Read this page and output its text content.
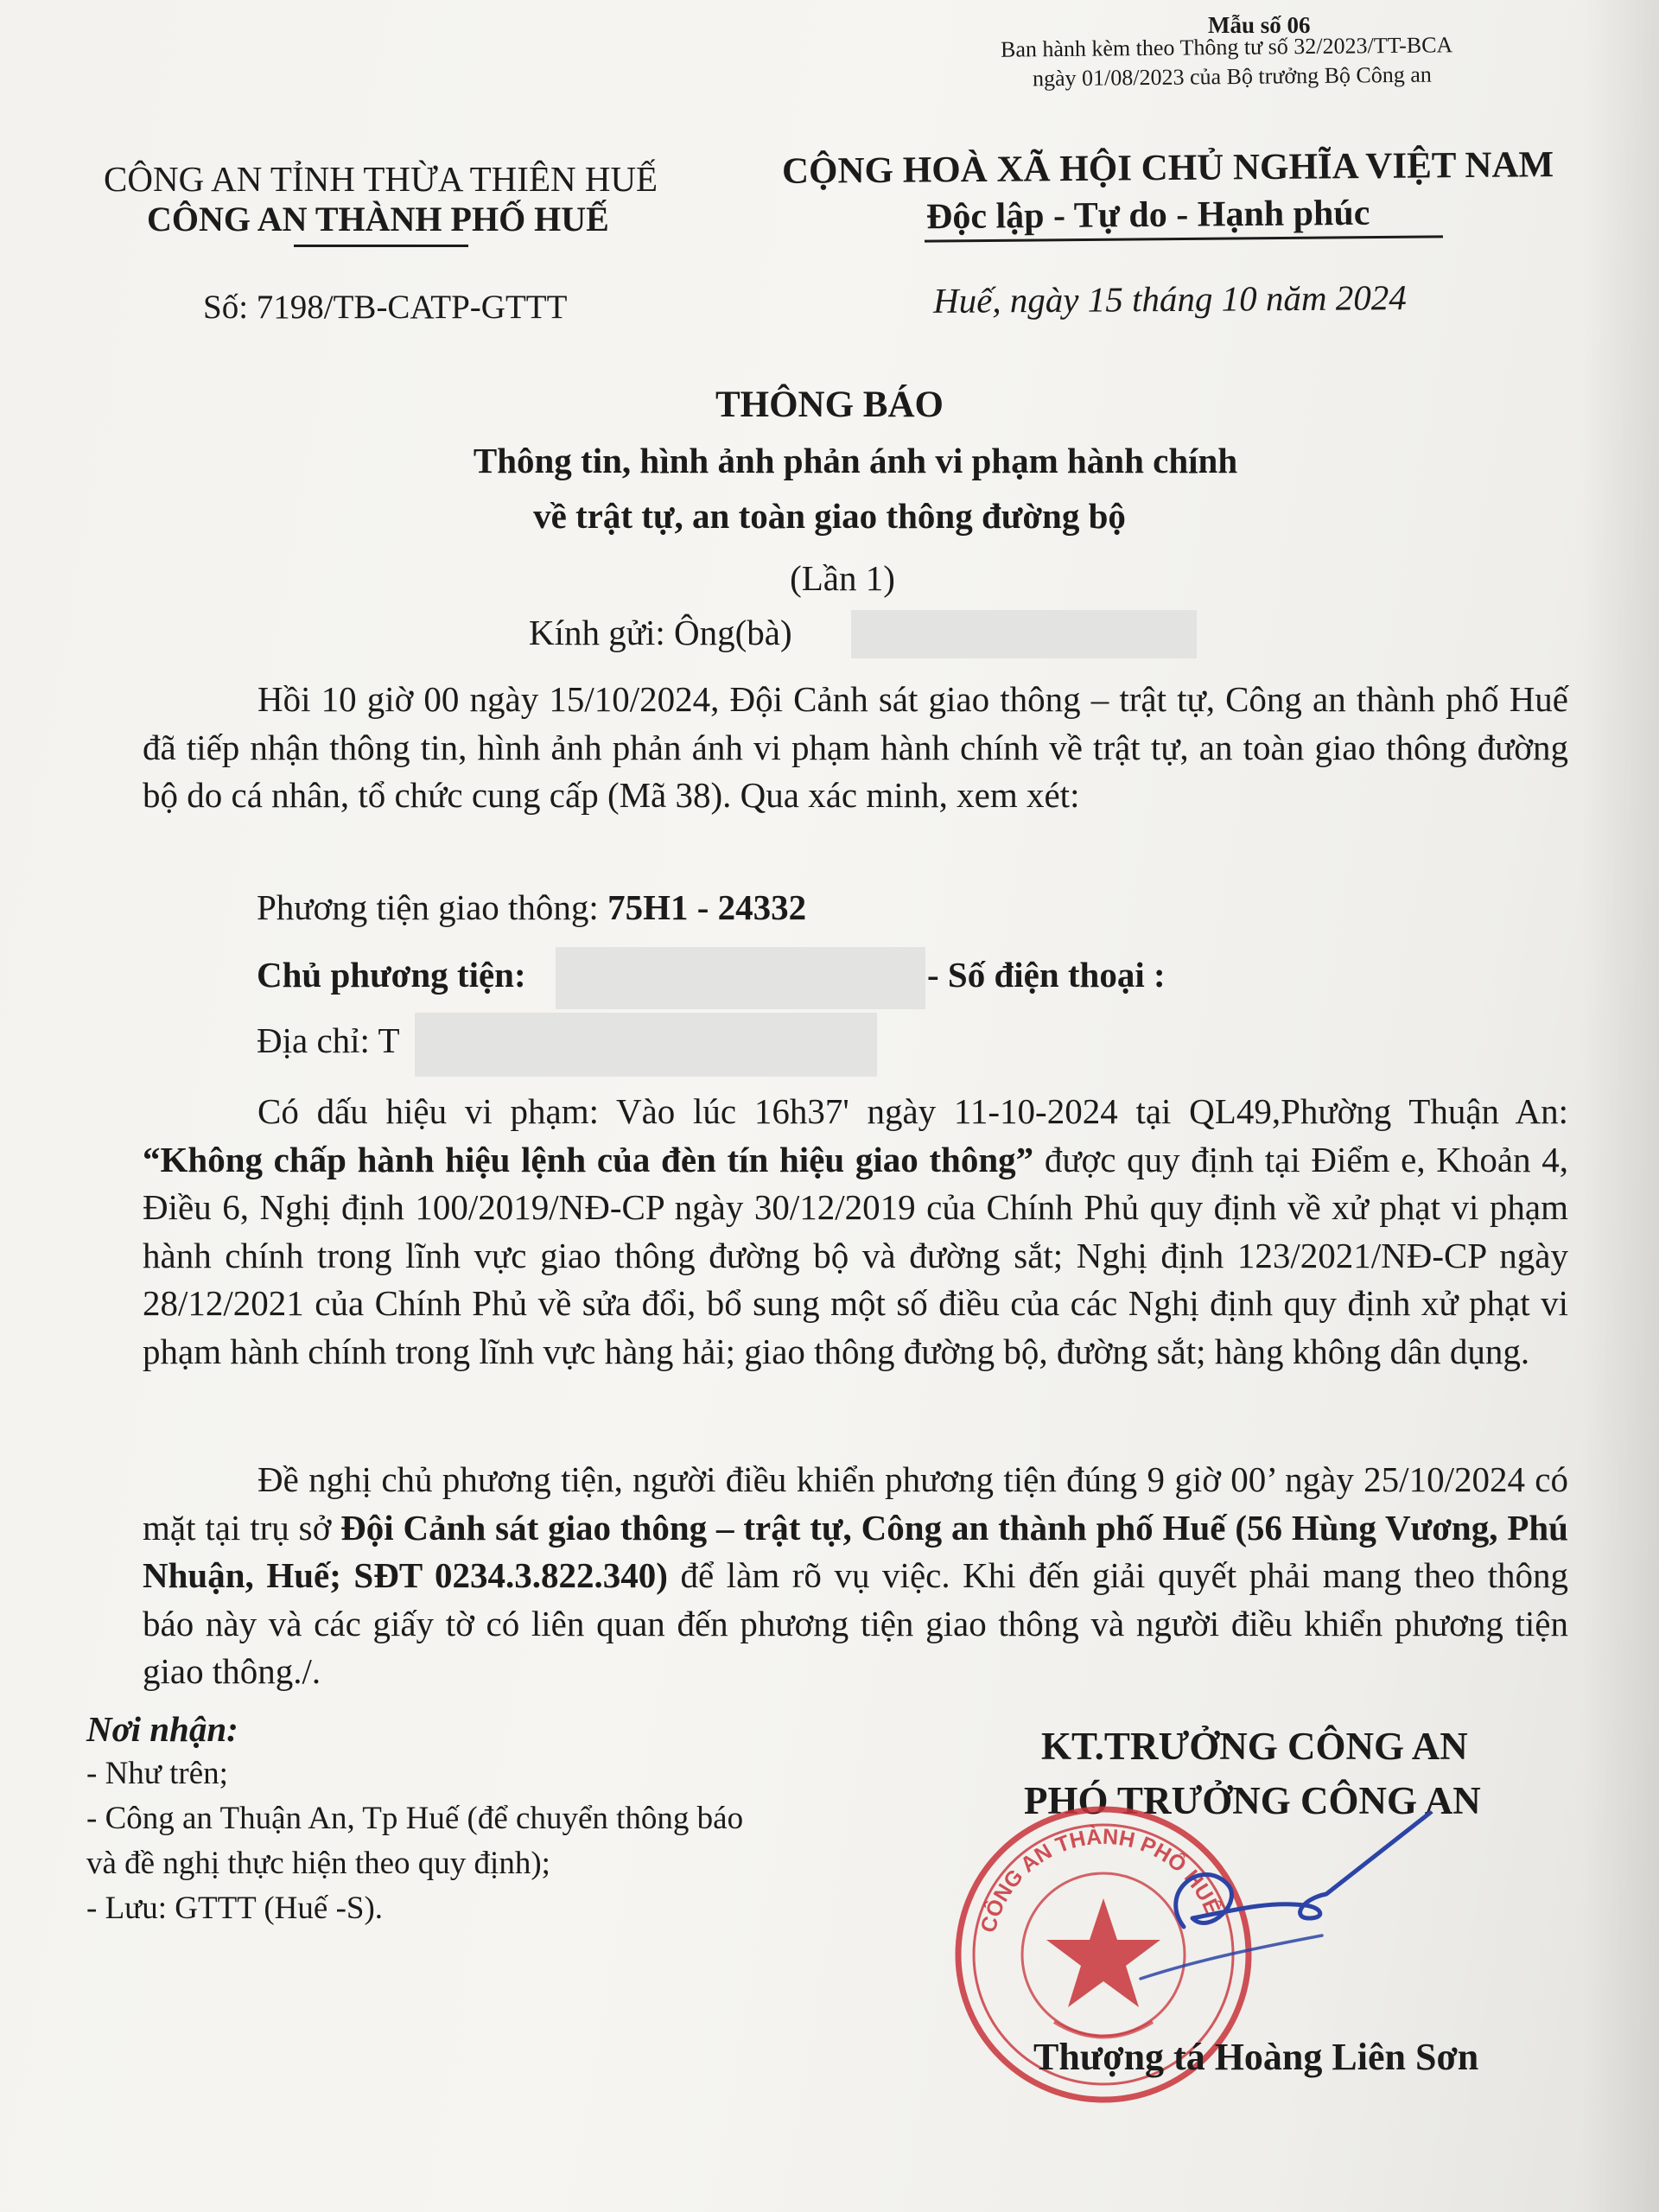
Mẫu số 06
Ban hành kèm theo Thông tư số 32/2023/TT-BCA
ngày 01/08/2023 của Bộ trưởng Bộ Công an
CÔNG AN TỈNH THỪA THIÊN HUẾ
CÔNG AN THÀNH PHỐ HUẾ
Số: 7198/TB-CATP-GTTT
CỘNG HOÀ XÃ HỘI CHỦ NGHĨA VIỆT NAM
Độc lập - Tự do - Hạnh phúc
Huế, ngày 15 tháng 10 năm 2024
THÔNG BÁO
Thông tin, hình ảnh phản ánh vi phạm hành chính
về trật tự, an toàn giao thông đường bộ
(Lần 1)
Kính gửi: Ông(bà)

Hồi 10 giờ 00 ngày 15/10/2024, Đội Cảnh sát giao thông – trật tự, Công an thành phố Huế đã tiếp nhận thông tin, hình ảnh phản ánh vi phạm hành chính về trật tự, an toàn giao thông đường bộ do cá nhân, tổ chức cung cấp (Mã 38). Qua xác minh, xem xét:

Phương tiện giao thông: 75H1 - 24332
Chủ phương tiện:	- Số điện thoại :
Địa chỉ: T

Có dấu hiệu vi phạm: Vào lúc 16h37' ngày 11-10-2024 tại QL49,Phường Thuận An: “Không chấp hành hiệu lệnh của đèn tín hiệu giao thông” được quy định tại Điểm e, Khoản 4, Điều 6, Nghị định 100/2019/NĐ-CP ngày 30/12/2019 của Chính Phủ quy định về xử phạt vi phạm hành chính trong lĩnh vực giao thông đường bộ và đường sắt; Nghị định 123/2021/NĐ-CP ngày 28/12/2021 của Chính Phủ về sửa đổi, bổ sung một số điều của các Nghị định quy định xử phạt vi phạm hành chính trong lĩnh vực hàng hải; giao thông đường bộ, đường sắt; hàng không dân dụng.

Đề nghị chủ phương tiện, người điều khiển phương tiện đúng 9 giờ 00’ ngày 25/10/2024 có mặt tại trụ sở Đội Cảnh sát giao thông – trật tự, Công an thành phố Huế (56 Hùng Vương, Phú Nhuận, Huế; SĐT 0234.3.822.340) để làm rõ vụ việc. Khi đến giải quyết phải mang theo thông báo này và các giấy tờ có liên quan đến phương tiện giao thông và người điều khiển phương tiện giao thông./.

Nơi nhận:
- Như trên;
- Công an Thuận An, Tp Huế (để chuyển thông báo
và đề nghị thực hiện theo quy định);
- Lưu: GTTT (Huế -S).
KT.TRƯỞNG CÔNG AN
PHÓ TRƯỞNG CÔNG AN
CÔNG AN THÀNH PHỐ HUẾ
Thượng tá Hoàng Liên Sơn
